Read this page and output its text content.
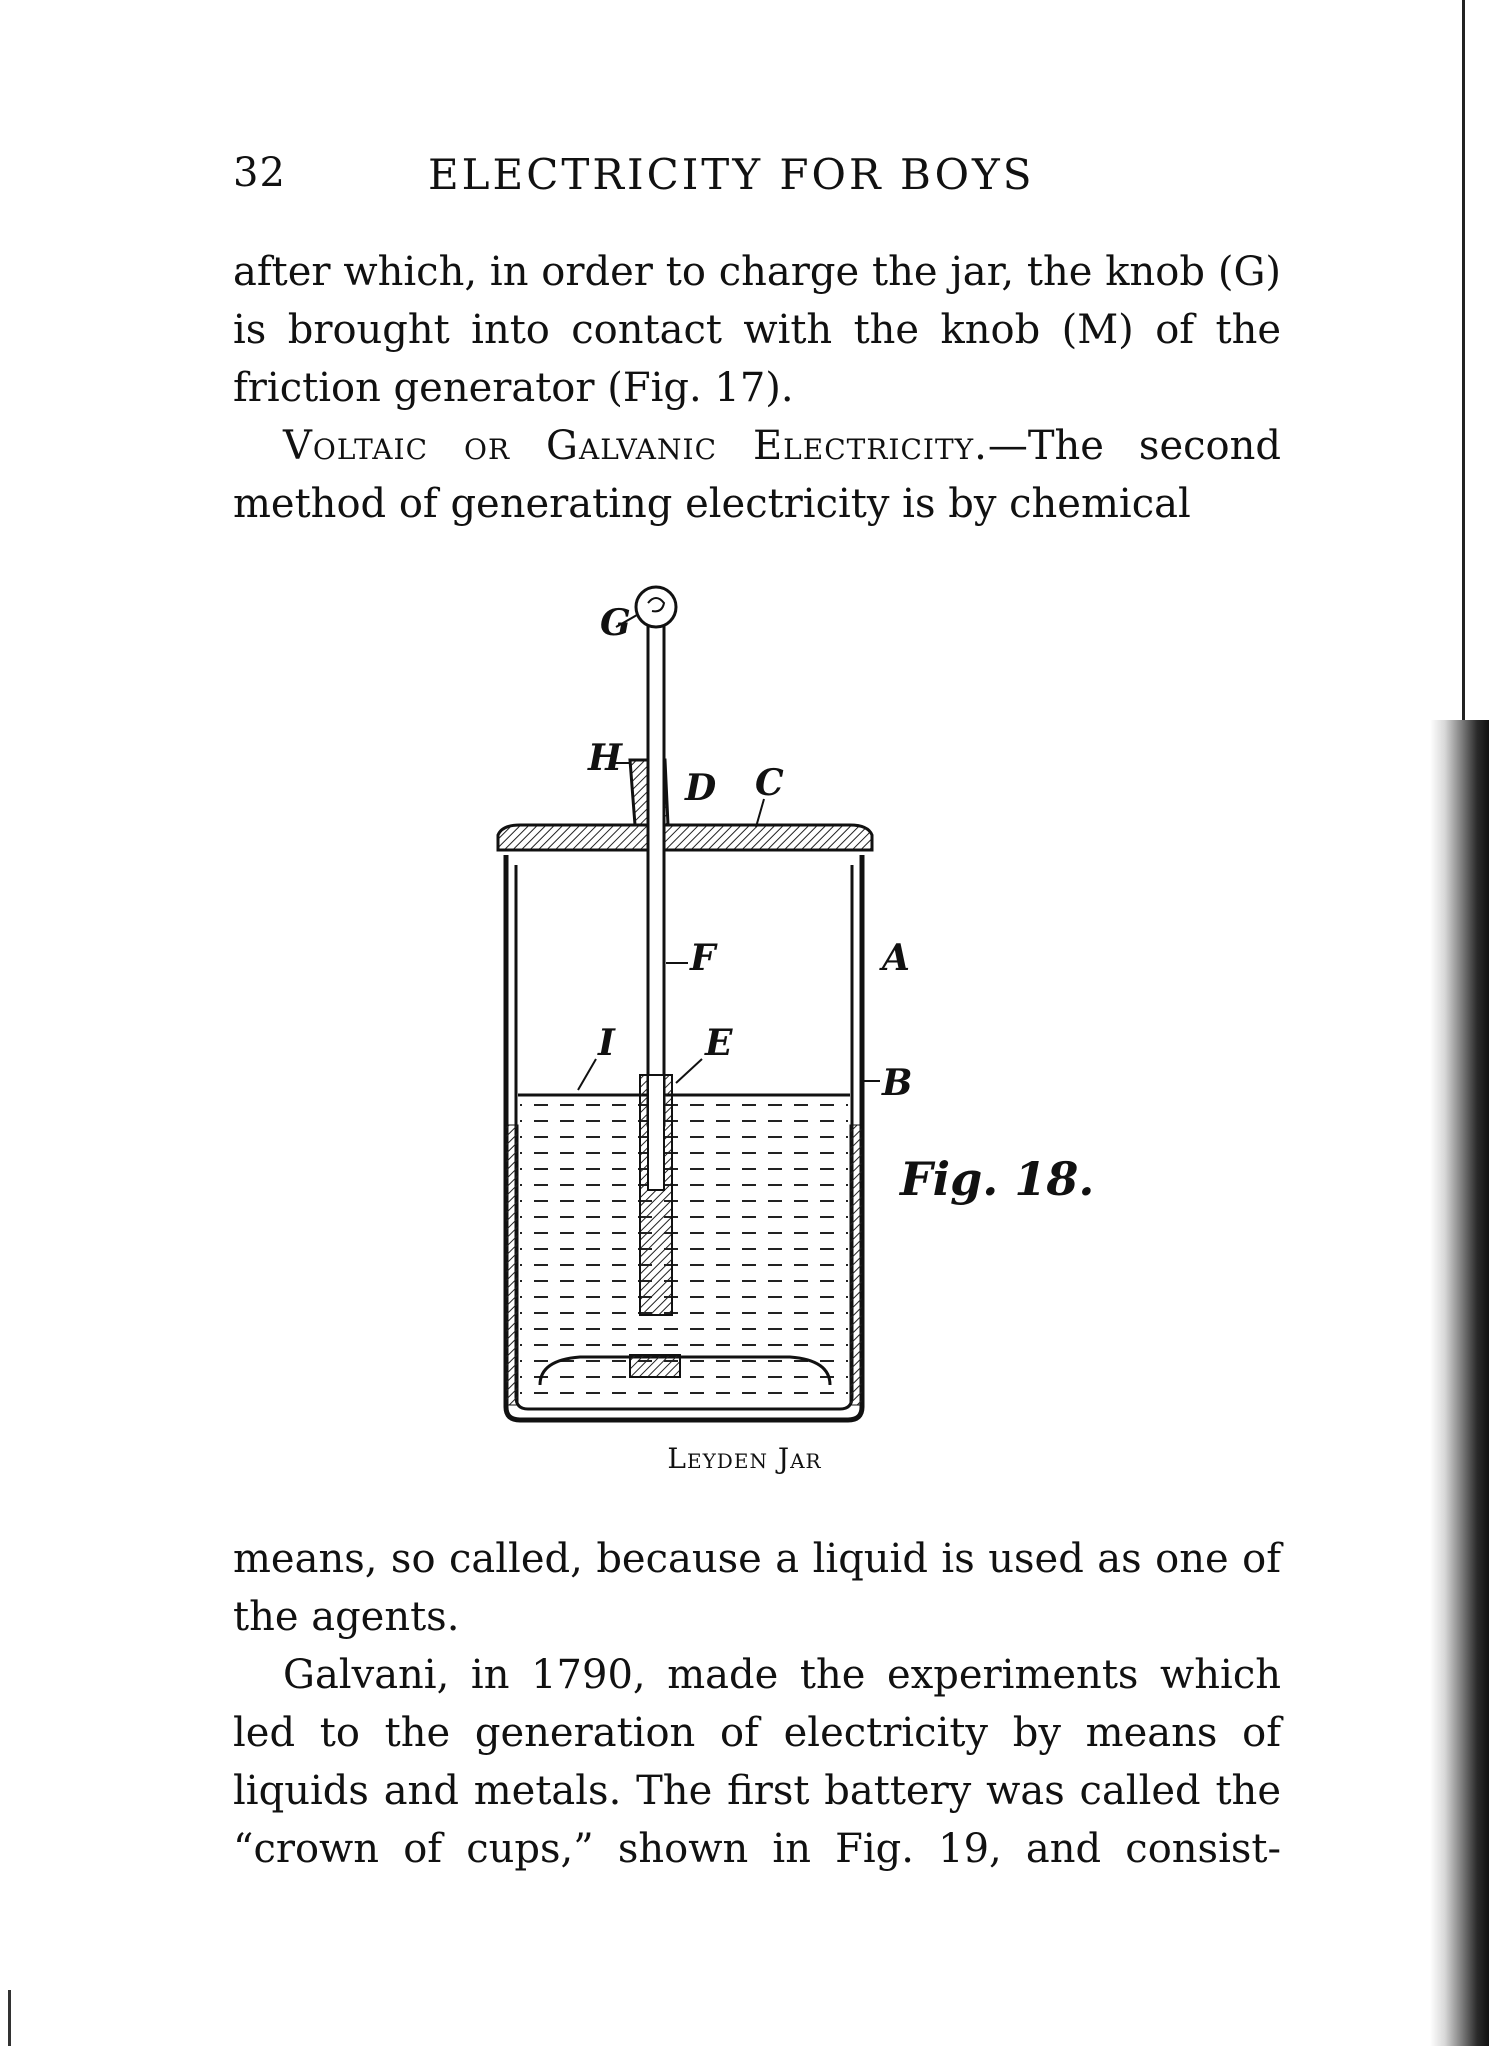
32	ELECTRICITY FOR BOYS

after which, in order to charge the jar, the knob (G) is brought into contact with the knob (M) of the friction generator (Fig. 17).

Voltaic or Galvanic Electricity.—The second method of generating electricity is by chemical

G
H
D C
A
F
I	E
B
Fig. 18.
Leyden Jar

means, so called, because a liquid is used as one of the agents.

Galvani, in 1790, made the experiments which led to the generation of electricity by means of liquids and metals. The first battery was called the “crown of cups,” shown in Fig. 19, and consist-
